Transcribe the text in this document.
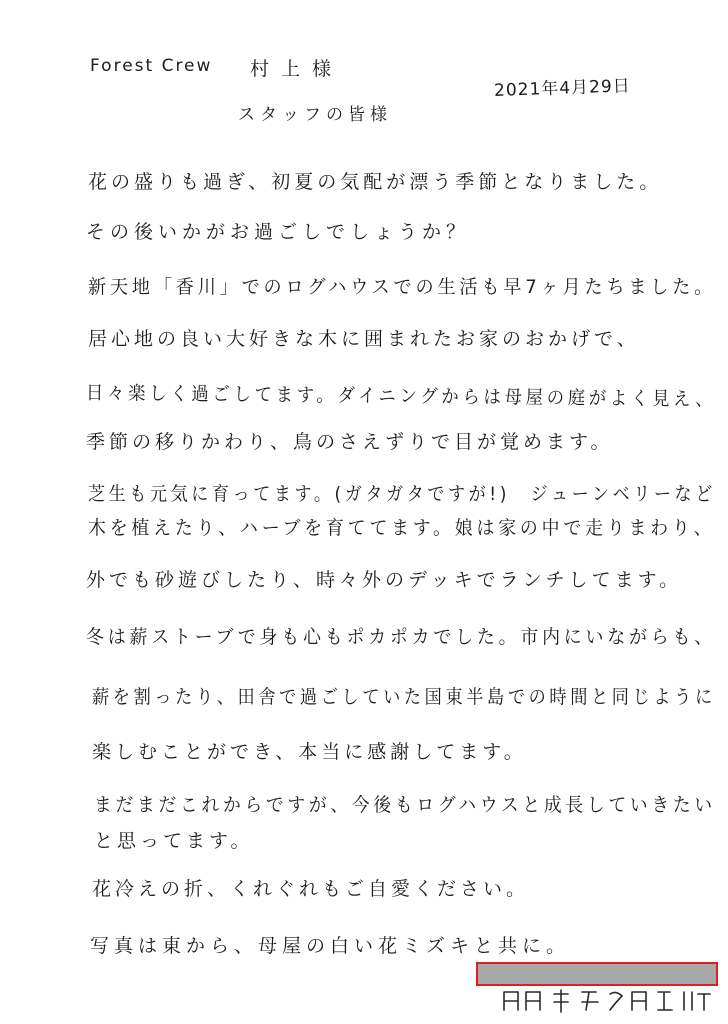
Forest Crew 村上様
2021年4月29日
スタッフの皆様
花の盛りも過ぎ、初夏の気配が漂う季節となりました。
その後いかがお過ごしでしょうか？
新天地「香川」でのログハウスでの生活も早7ヶ月たちました。
居心地の良い大好きな木に囲まれたお家のおかげで、
日々楽しく過ごしてます。ダイニングからは母屋の庭がよく見え、
季節の移りかわり、鳥のさえずりで目が覚めます。
芝生も元気に育ってます。(ガタガタですが!)　ジューンベリーなど
木を植えたり、ハーブを育ててます。娘は家の中で走りまわり、
外でも砂遊びしたり、時々外のデッキでランチしてます。
冬は薪ストーブで身も心もポカポカでした。市内にいながらも、
薪を割ったり、田舎で過ごしていた国東半島での時間と同じように
楽しむことができ、本当に感謝してます。
まだまだこれからですが、今後もログハウスと成長していきたい
と思ってます。
花冷えの折、くれぐれもご自愛ください。
写真は東から、母屋の白い花ミズキと共に。
